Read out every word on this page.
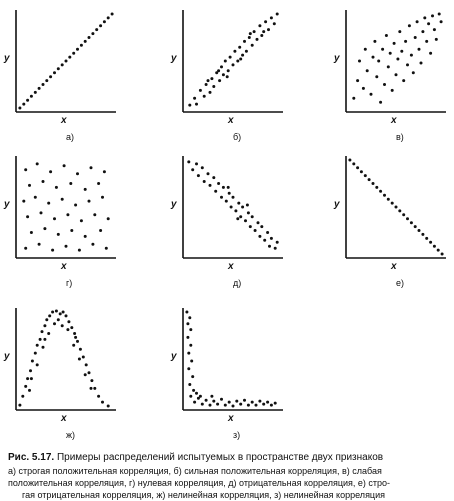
y
x
а)
y
x
б)
y
x
в)
y
x
г)
y
x
д)
y
x
е)
y
x
ж)
y
x
з)
Рис. 5.17. Примеры распределений испытуемых в пространстве двух признаков
а) строгая положительная корреляция, б) сильная положительная корреляция, в) слабая
положительная корреляция, г) нулевая корреляция, д) отрицательная корреляция, е) стро-
гая отрицательная корреляция, ж) нелинейная корреляция, з) нелинейная корреляция
